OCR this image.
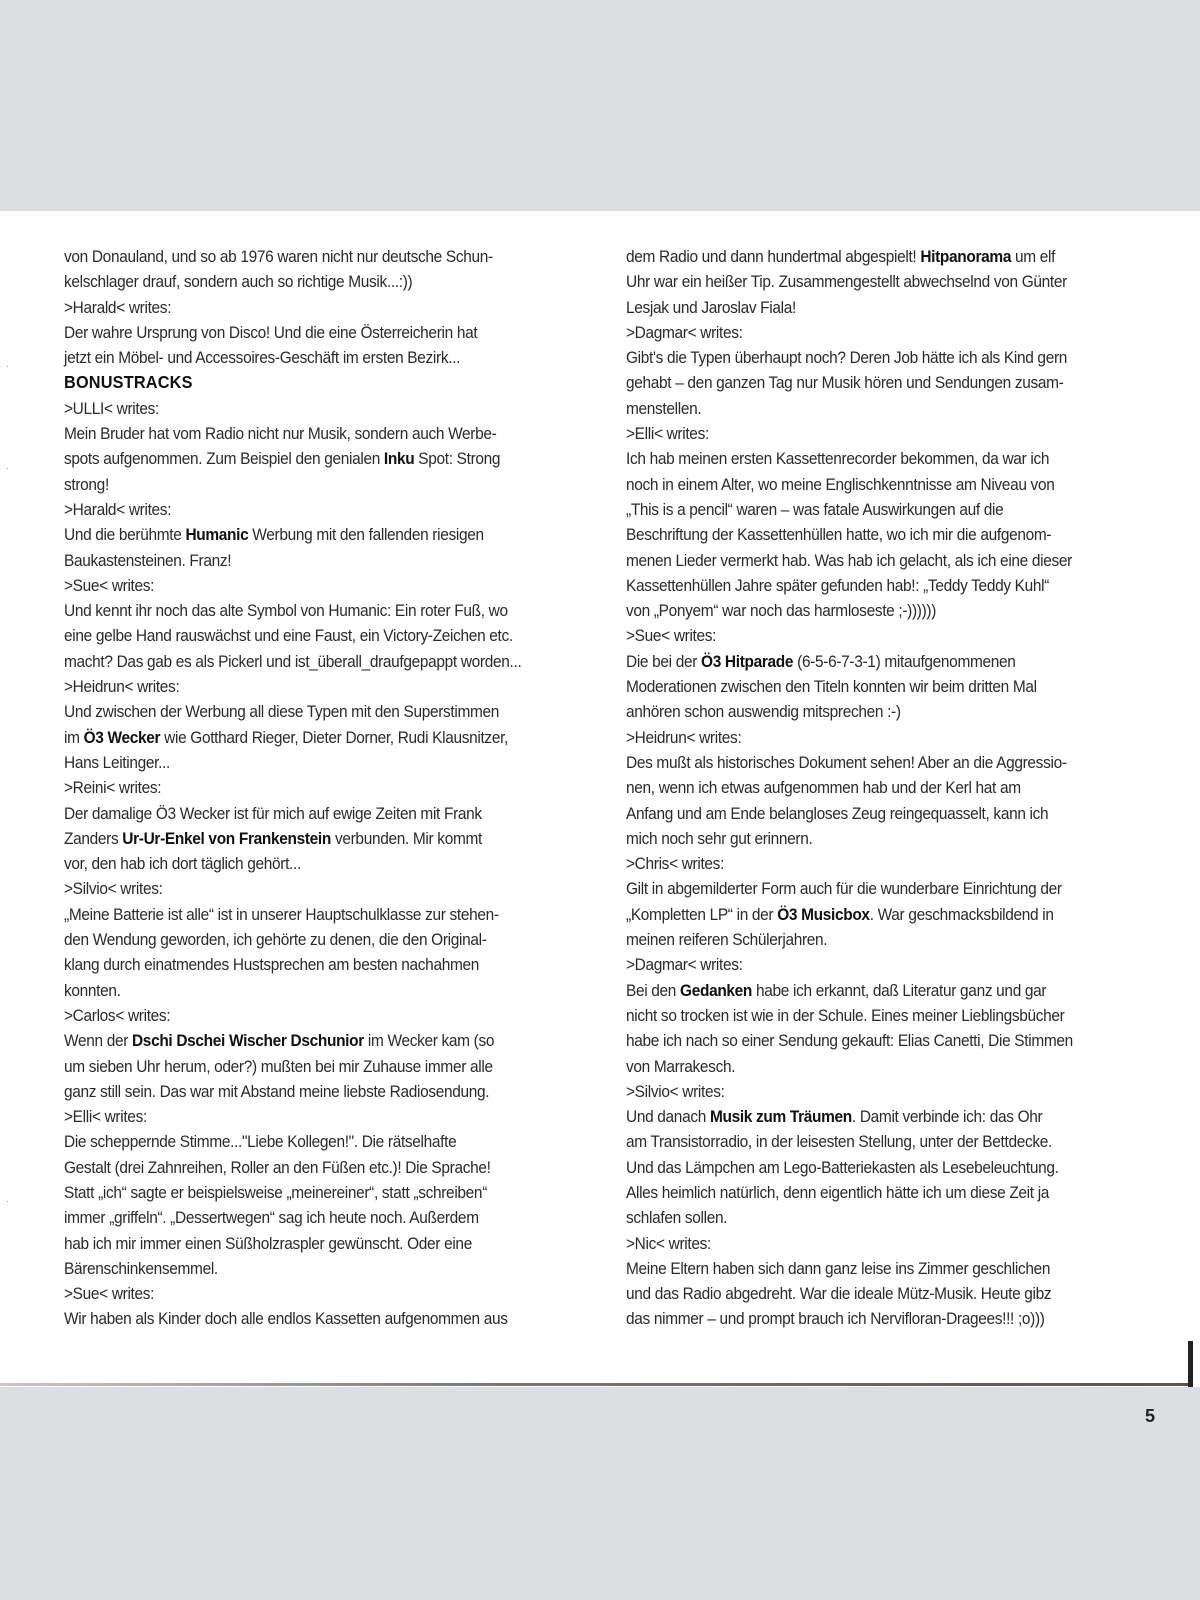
·
·
·
von Donauland, und so ab 1976 waren nicht nur deutsche Schun-
kelschlager drauf, sondern auch so richtige Musik...:))
>Harald< writes:
Der wahre Ursprung von Disco! Und die eine Österreicherin hat
jetzt ein Möbel- und Accessoires-Geschäft im ersten Bezirk...
BONUSTRACKS
>ULLI< writes:
Mein Bruder hat vom Radio nicht nur Musik, sondern auch Werbe-
spots aufgenommen. Zum Beispiel den genialen Inku Spot: Strong
strong!
>Harald< writes:
Und die berühmte Humanic Werbung mit den fallenden riesigen
Baukastensteinen. Franz!
>Sue< writes:
Und kennt ihr noch das alte Symbol von Humanic: Ein roter Fuß, wo
eine gelbe Hand rauswächst und eine Faust, ein Victory-Zeichen etc.
macht? Das gab es als Pickerl und ist_überall_draufgepappt worden...
>Heidrun< writes:
Und zwischen der Werbung all diese Typen mit den Superstimmen
im Ö3 Wecker wie Gotthard Rieger, Dieter Dorner, Rudi Klausnitzer,
Hans Leitinger...
>Reini< writes:
Der damalige Ö3 Wecker ist für mich auf ewige Zeiten mit Frank
Zanders Ur-Ur-Enkel von Frankenstein verbunden. Mir kommt
vor, den hab ich dort täglich gehört...
>Silvio< writes:
„Meine Batterie ist alle“ ist in unserer Hauptschulklasse zur stehen-
den Wendung geworden, ich gehörte zu denen, die den Original-
klang durch einatmendes Hustsprechen am besten nachahmen
konnten.
>Carlos< writes:
Wenn der Dschi Dschei Wischer Dschunior im Wecker kam (so
um sieben Uhr herum, oder?) mußten bei mir Zuhause immer alle
ganz still sein. Das war mit Abstand meine liebste Radiosendung.
>Elli< writes:
Die scheppernde Stimme..."Liebe Kollegen!". Die rätselhafte
Gestalt (drei Zahnreihen, Roller an den Füßen etc.)! Die Sprache!
Statt „ich“ sagte er beispielsweise „meinereiner“, statt „schreiben“
immer „griffeln“. „Dessertwegen“ sag ich heute noch. Außerdem
hab ich mir immer einen Süßholzraspler gewünscht. Oder eine
Bärenschinkensemmel.
>Sue< writes:
Wir haben als Kinder doch alle endlos Kassetten aufgenommen aus
dem Radio und dann hundertmal abgespielt! Hitpanorama um elf
Uhr war ein heißer Tip. Zusammengestellt abwechselnd von Günter
Lesjak und Jaroslav Fiala!
>Dagmar< writes:
Gibt's die Typen überhaupt noch? Deren Job hätte ich als Kind gern
gehabt – den ganzen Tag nur Musik hören und Sendungen zusam-
menstellen.
>Elli< writes:
Ich hab meinen ersten Kassettenrecorder bekommen, da war ich
noch in einem Alter, wo meine Englischkenntnisse am Niveau von
„This is a pencil“ waren – was fatale Auswirkungen auf die
Beschriftung der Kassettenhüllen hatte, wo ich mir die aufgenom-
menen Lieder vermerkt hab. Was hab ich gelacht, als ich eine dieser
Kassettenhüllen Jahre später gefunden hab!: „Teddy Teddy Kuhl“
von „Ponyem“ war noch das harmloseste ;-))))))
>Sue< writes:
Die bei der Ö3 Hitparade (6-5-6-7-3-1) mitaufgenommenen
Moderationen zwischen den Titeln konnten wir beim dritten Mal
anhören schon auswendig mitsprechen :-)
>Heidrun< writes:
Des mußt als historisches Dokument sehen! Aber an die Aggressio-
nen, wenn ich etwas aufgenommen hab und der Kerl hat am
Anfang und am Ende belangloses Zeug reingequasselt, kann ich
mich noch sehr gut erinnern.
>Chris< writes:
Gilt in abgemilderter Form auch für die wunderbare Einrichtung der
„Kompletten LP“ in der Ö3 Musicbox. War geschmacksbildend in
meinen reiferen Schülerjahren.
>Dagmar< writes:
Bei den Gedanken habe ich erkannt, daß Literatur ganz und gar
nicht so trocken ist wie in der Schule. Eines meiner Lieblingsbücher
habe ich nach so einer Sendung gekauft: Elias Canetti, Die Stimmen
von Marrakesch.
>Silvio< writes:
Und danach Musik zum Träumen. Damit verbinde ich: das Ohr
am Transistorradio, in der leisesten Stellung, unter der Bettdecke.
Und das Lämpchen am Lego-Batteriekasten als Lesebeleuchtung.
Alles heimlich natürlich, denn eigentlich hätte ich um diese Zeit ja
schlafen sollen.
>Nic< writes:
Meine Eltern haben sich dann ganz leise ins Zimmer geschlichen
und das Radio abgedreht. War die ideale Mütz-Musik. Heute gibz
das nimmer – und prompt brauch ich Nervifloran-Dragees!!! ;o)))
5
